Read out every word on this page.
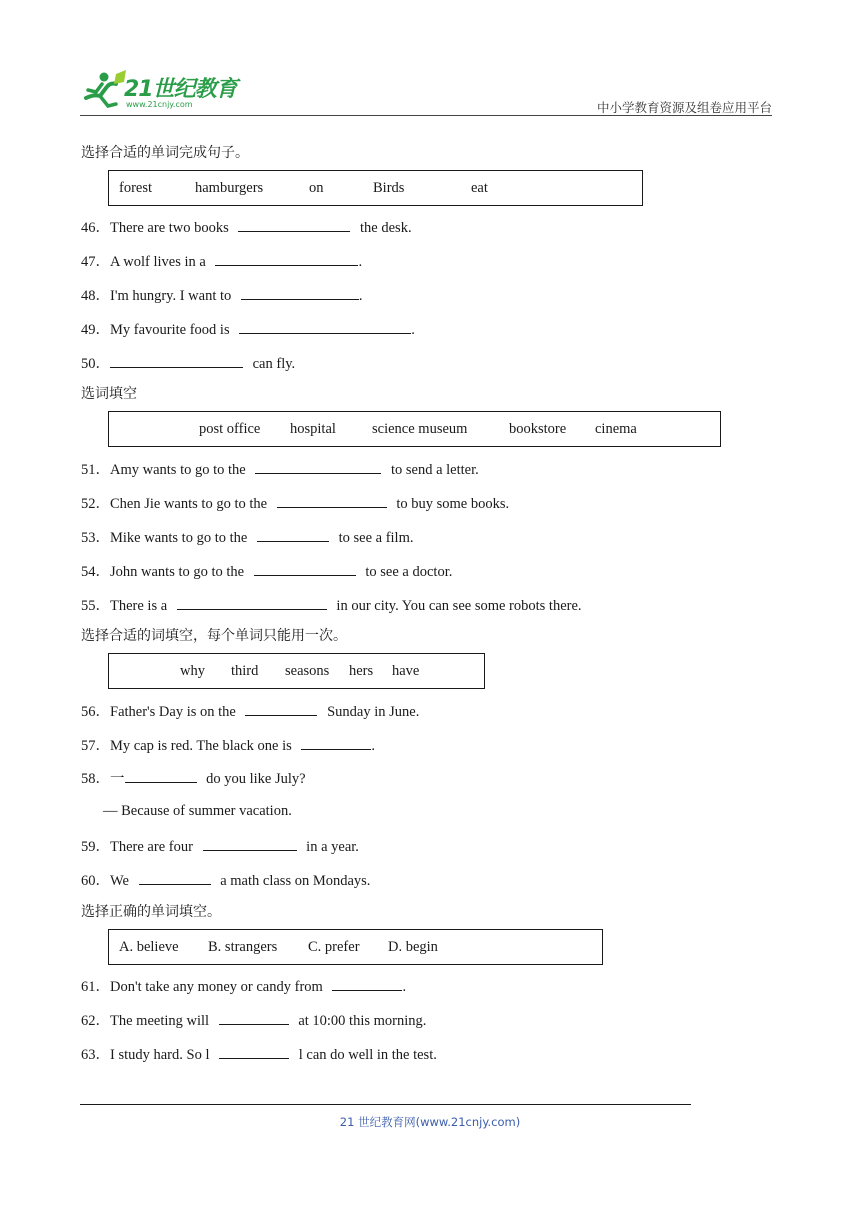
21世纪教育
www.21cnjy.com	中小学教育资源及组卷应用平台
选择合适的单词完成句子。
forest	hamburgers	on	Birds	eat
46．There are two books	the desk.
47．A wolf lives in a	.
48．I'm hungry. I want to	.
49．My favourite food is	.
50．	can fly.
选词填空
post office hospital science museum	bookstore cinema
51．Amy wants to go to the	to send a letter.
52．Chen Jie wants to go to the	to buy some books.
53．Mike wants to go to the	to see a film.
54．John wants to go to the	to see a doctor.
55．There is a	in our city. You can see some robots there.
选择合适的词填空，每个单词只能用一次。
why third seasons hers have
56．Father's Day is on the	Sunday in June.
57．My cap is red. The black one is	.
58．一	do you like July?
— Because of summer vacation.
59．There are four	in a year.
60．We	a math class on Mondays.
选择正确的单词填空。
A. believe B. strangers C. prefer D. begin
61．Don't take any money or candy from	.
62．The meeting will	at 10:00 this morning.
63．I study hard. So l	l can do well in the test.
21 世纪教育网(www.21cnjy.com)
